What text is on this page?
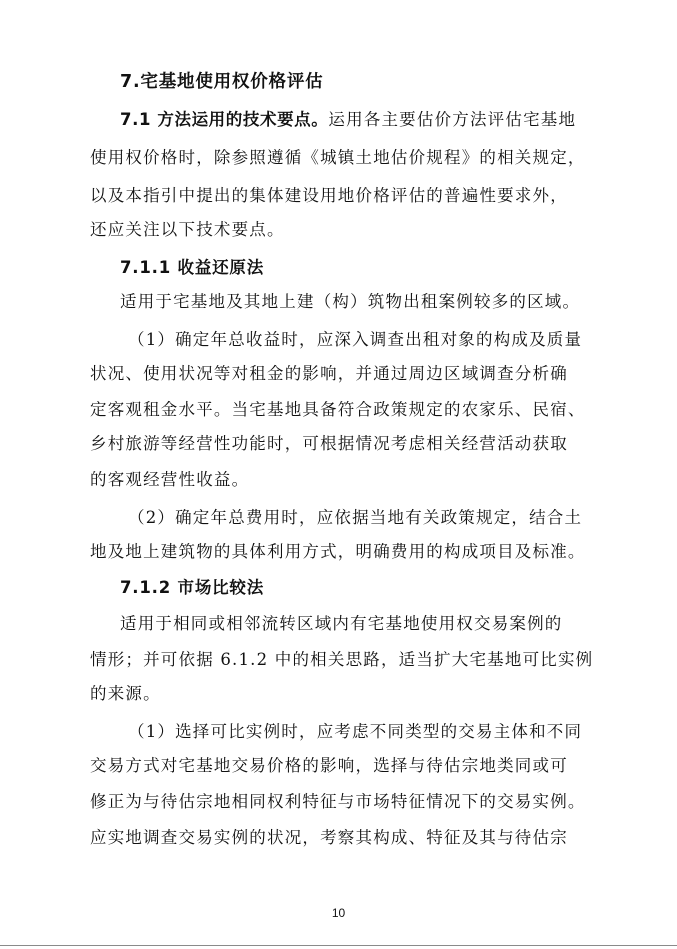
7.宅基地使用权价格评估
7.1 方法运用的技术要点。运用各主要估价方法评估宅基地
使用权价格时，除参照遵循《城镇土地估价规程》的相关规定，
以及本指引中提出的集体建设用地价格评估的普遍性要求外，
还应关注以下技术要点。
7.1.1 收益还原法
适用于宅基地及其地上建（构）筑物出租案例较多的区域。
（1）确定年总收益时，应深入调查出租对象的构成及质量
状况、使用状况等对租金的影响，并通过周边区域调查分析确
定客观租金水平。当宅基地具备符合政策规定的农家乐、民宿、
乡村旅游等经营性功能时，可根据情况考虑相关经营活动获取
的客观经营性收益。
（2）确定年总费用时，应依据当地有关政策规定，结合土
地及地上建筑物的具体利用方式，明确费用的构成项目及标准。
7.1.2 市场比较法
适用于相同或相邻流转区域内有宅基地使用权交易案例的
情形；并可依据 6.1.2 中的相关思路，适当扩大宅基地可比实例
的来源。
（1）选择可比实例时，应考虑不同类型的交易主体和不同
交易方式对宅基地交易价格的影响，选择与待估宗地类同或可
修正为与待估宗地相同权利特征与市场特征情况下的交易实例。
应实地调查交易实例的状况，考察其构成、特征及其与待估宗
10
